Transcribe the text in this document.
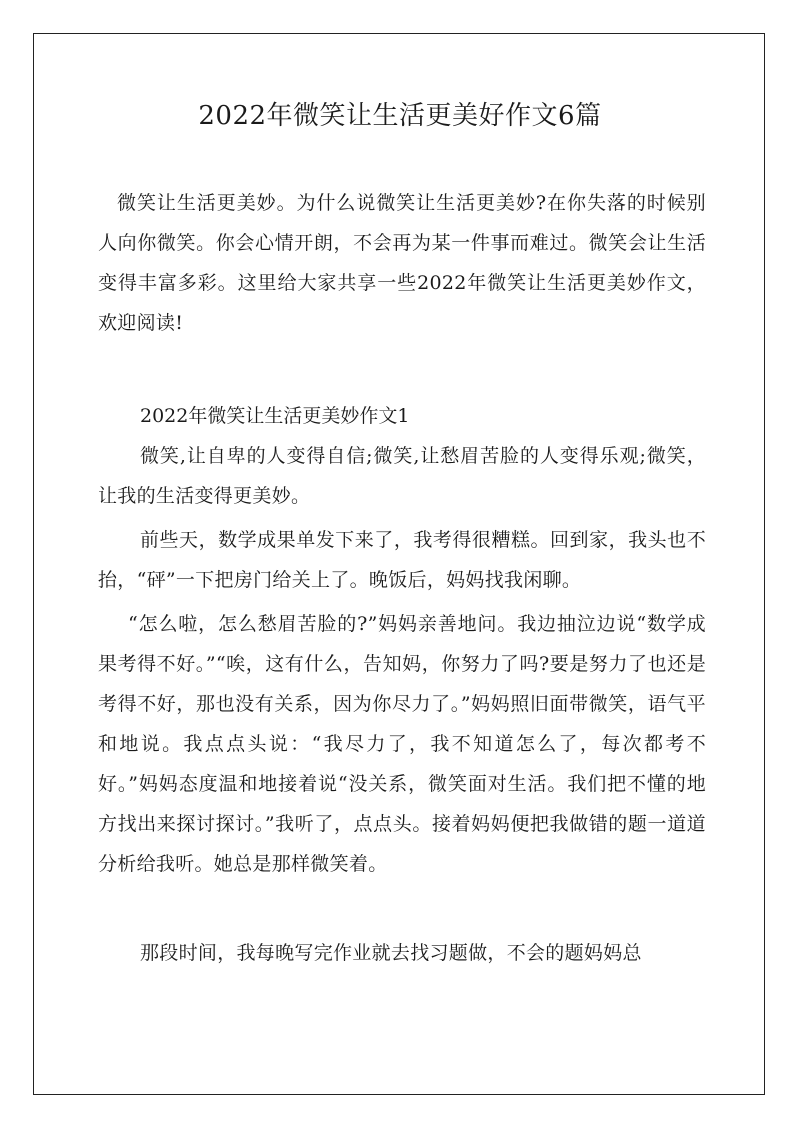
2022年微笑让生活更美好作文6篇

微笑让生活更美妙。为什么说微笑让生活更美妙?在你失落的时候别人向你微笑。你会心情开朗，不会再为某一件事而难过。微笑会让生活变得丰富多彩。这里给大家共享一些2022年微笑让生活更美妙作文，欢迎阅读!

2022年微笑让生活更美妙作文1

微笑,让自卑的人变得自信;微笑,让愁眉苦脸的人变得乐观;微笑，让我的生活变得更美妙。

前些天，数学成果单发下来了，我考得很糟糕。回到家，我头也不抬，“砰”一下把房门给关上了。晚饭后，妈妈找我闲聊。

“怎么啦，怎么愁眉苦脸的?”妈妈亲善地问。我边抽泣边说“数学成果考得不好。”“唉，这有什么，告知妈，你努力了吗?要是努力了也还是考得不好，那也没有关系，因为你尽力了。”妈妈照旧面带微笑，语气平和地说。我点点头说：“我尽力了，我不知道怎么了，每次都考不好。”妈妈态度温和地接着说“没关系，微笑面对生活。我们把不懂的地方找出来探讨探讨。”我听了，点点头。接着妈妈便把我做错的题一道道分析给我听。她总是那样微笑着。

那段时间，我每晚写完作业就去找习题做，不会的题妈妈总
